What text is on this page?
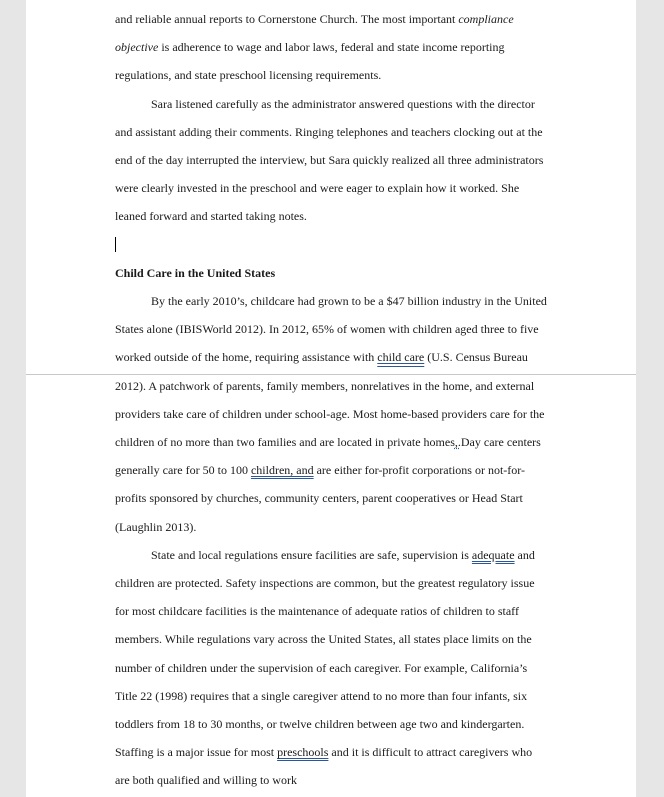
and reliable annual reports to Cornerstone Church. The most important compliance objective is adherence to wage and labor laws, federal and state income reporting regulations, and state preschool licensing requirements.

Sara listened carefully as the administrator answered questions with the director and assistant adding their comments. Ringing telephones and teachers clocking out at the end of the day interrupted the interview, but Sara quickly realized all three administrators were clearly invested in the preschool and were eager to explain how it worked. She leaned forward and started taking notes.

Child Care in the United States

By the early 2010’s, childcare had grown to be a $47 billion industry in the United States alone (IBISWorld 2012). In 2012, 65% of women with children aged three to five worked outside of the home, requiring assistance with child care (U.S. Census Bureau 2012). A patchwork of parents, family members, nonrelatives in the home, and external providers take care of children under school-age. Most home-based providers care for the children of no more than two families and are located in private homes,.Day care centers generally care for 50 to 100 children, and are either for-profit corporations or not-for-profits sponsored by churches, community centers, parent cooperatives or Head Start (Laughlin 2013).

State and local regulations ensure facilities are safe, supervision is adequate and children are protected. Safety inspections are common, but the greatest regulatory issue for most childcare facilities is the maintenance of adequate ratios of children to staff members. While regulations vary across the United States, all states place limits on the number of children under the supervision of each caregiver. For example, California’s Title 22 (1998) requires that a single caregiver attend to no more than four infants, six toddlers from 18 to 30 months, or twelve children between age two and kindergarten. Staffing is a major issue for most preschools and it is difficult to attract caregivers who are both qualified and willing to work
